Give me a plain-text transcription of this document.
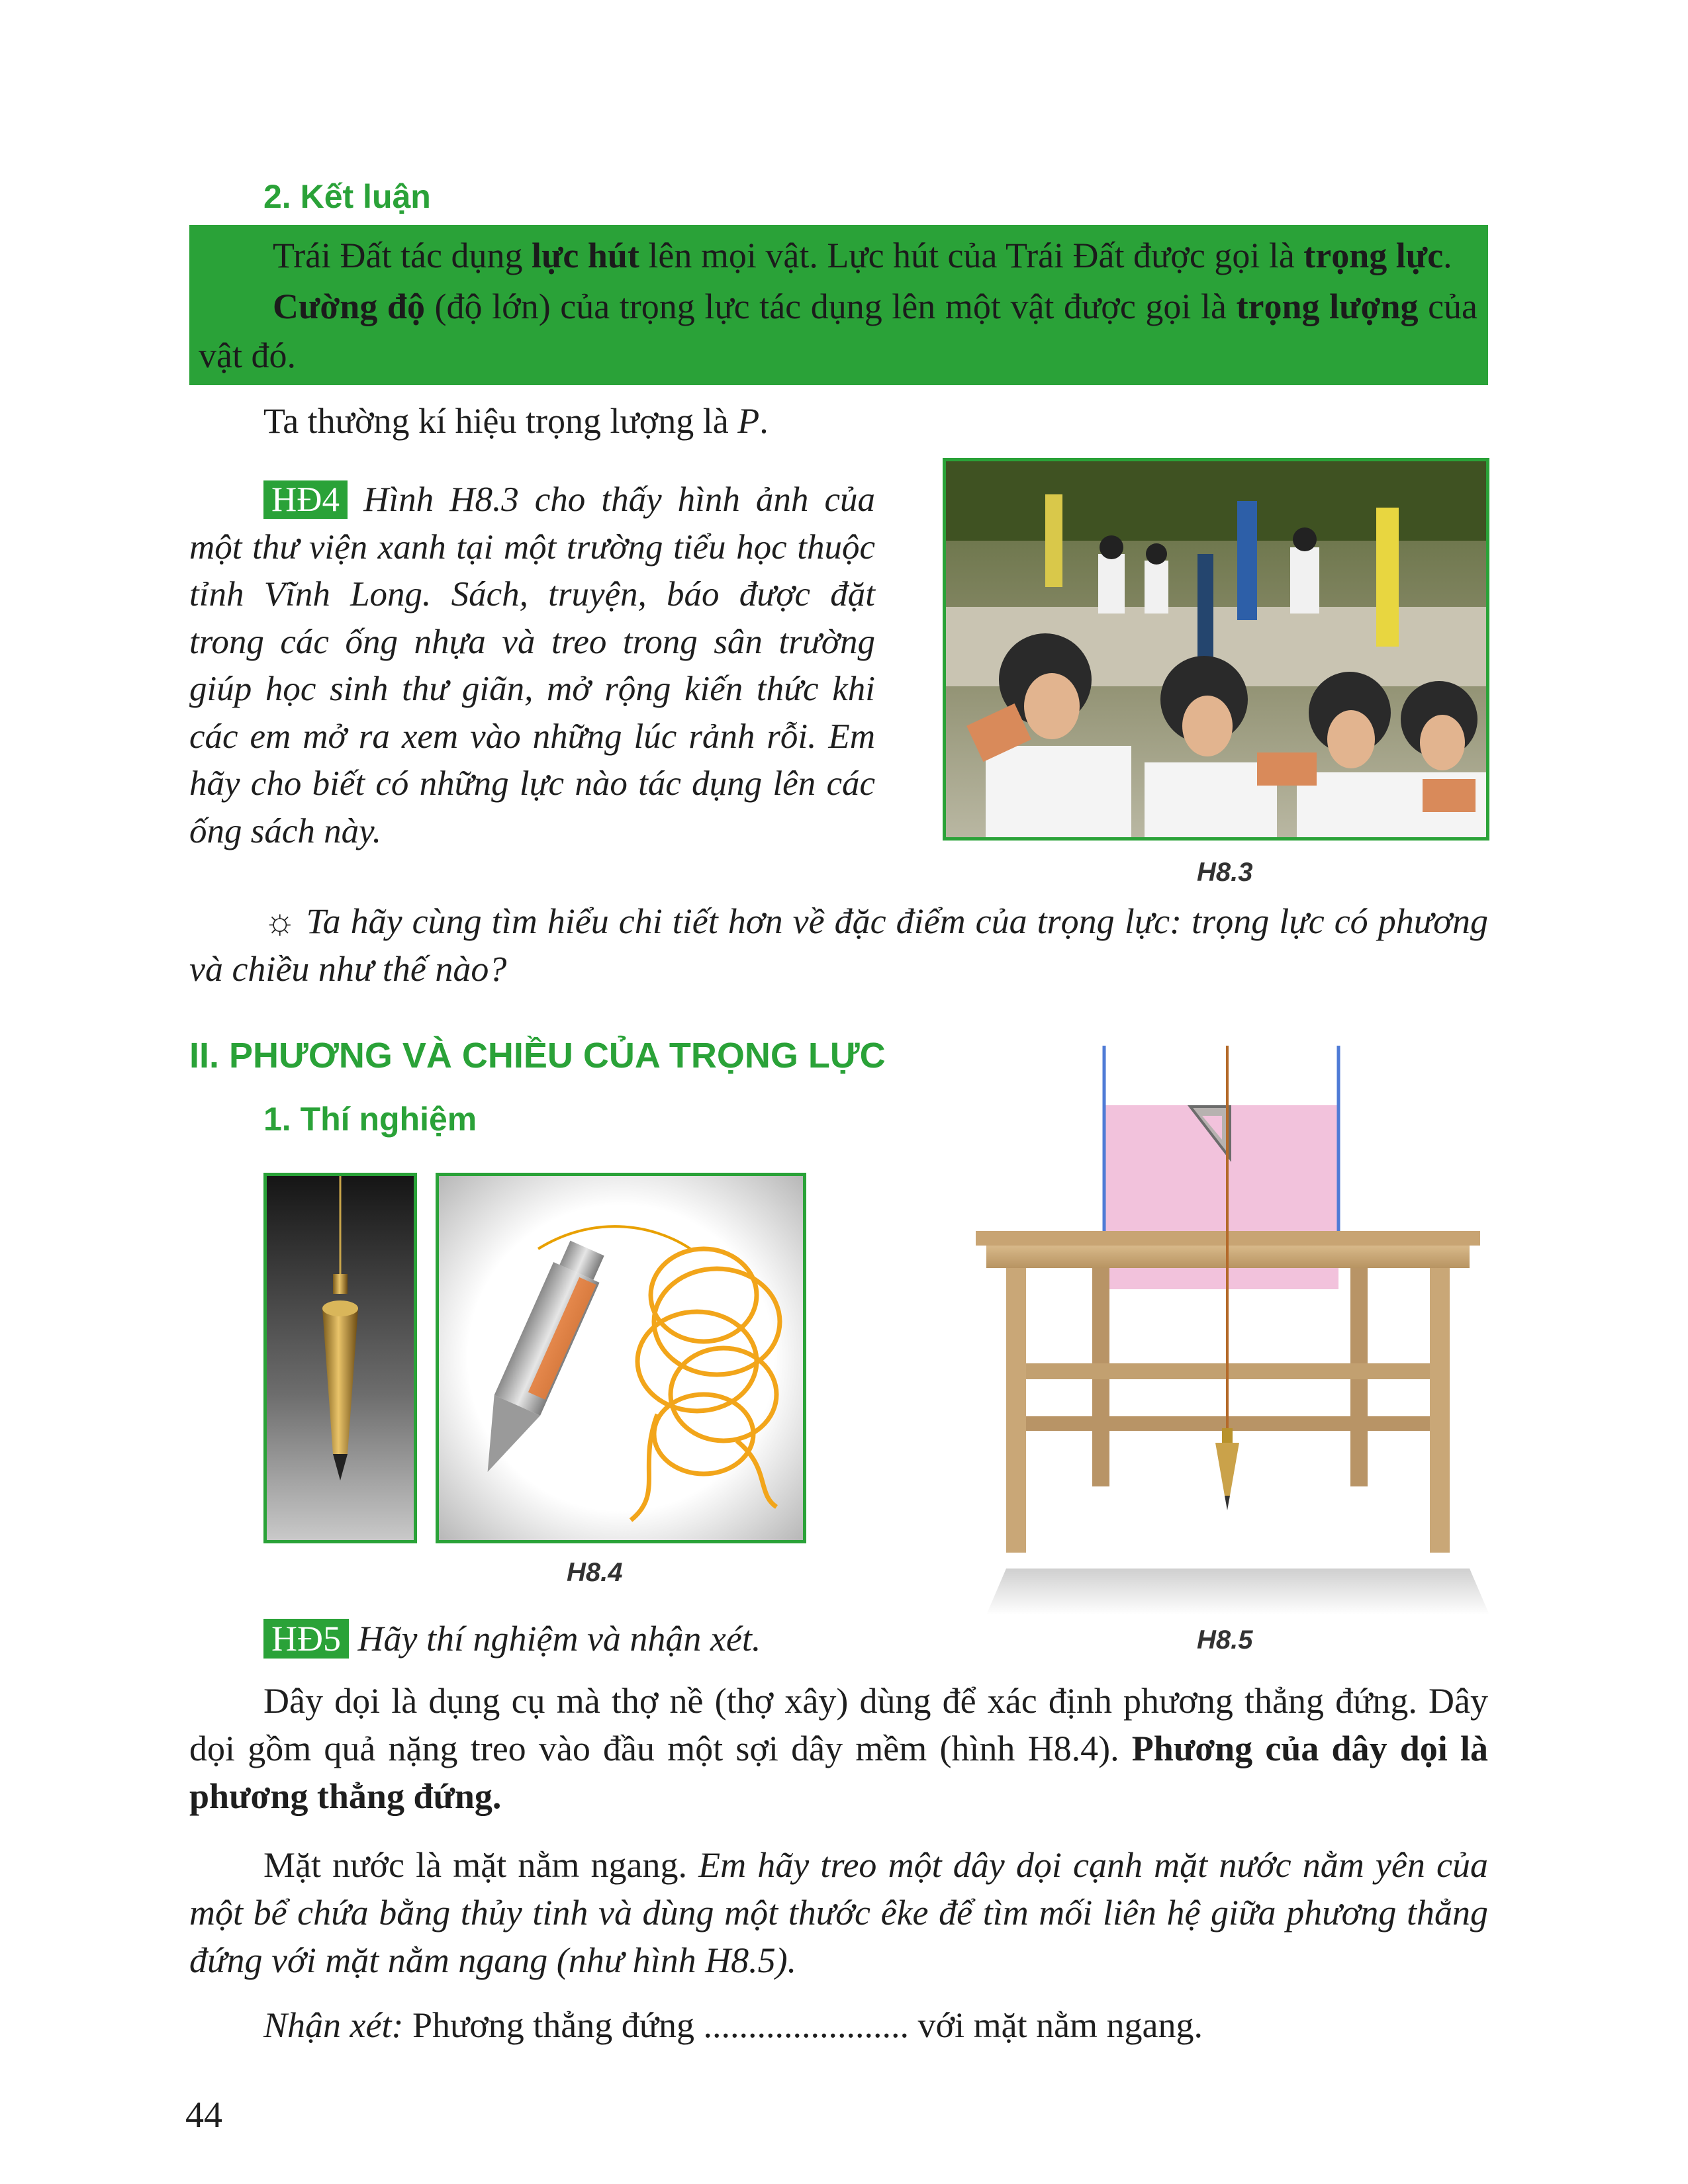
2. Kết luận
Trái Đất tác dụng lực hút lên mọi vật. Lực hút của Trái Đất được gọi là trọng lực.
Cường độ (độ lớn) của trọng lực tác dụng lên một vật được gọi là trọng lượng của vật đó.
Ta thường kí hiệu trọng lượng là P.
HĐ4 Hình H8.3 cho thấy hình ảnh của một thư viện xanh tại một trường tiểu học thuộc tỉnh Vĩnh Long. Sách, truyện, báo được đặt trong các ống nhựa và treo trong sân trường giúp học sinh thư giãn, mở rộng kiến thức khi các em mở ra xem vào những lúc rảnh rỗi. Em hãy cho biết có những lực nào tác dụng lên các ống sách này.
H8.3
☼ Ta hãy cùng tìm hiểu chi tiết hơn về đặc điểm của trọng lực: trọng lực có phương và chiều như thế nào?
II. PHƯƠNG VÀ CHIỀU CỦA TRỌNG LỰC
1. Thí nghiệm
H8.4
H8.5
HĐ5 Hãy thí nghiệm và nhận xét.
Dây dọi là dụng cụ mà thợ nề (thợ xây) dùng để xác định phương thẳng đứng. Dây dọi gồm quả nặng treo vào đầu một sợi dây mềm (hình H8.4). Phương của dây dọi là phương thẳng đứng.
Mặt nước là mặt nằm ngang. Em hãy treo một dây dọi cạnh mặt nước nằm yên của một bể chứa bằng thủy tinh và dùng một thước êke để tìm mối liên hệ giữa phương thẳng đứng với mặt nằm ngang (như hình H8.5).
Nhận xét: Phương thẳng đứng ....................... với mặt nằm ngang.
44
